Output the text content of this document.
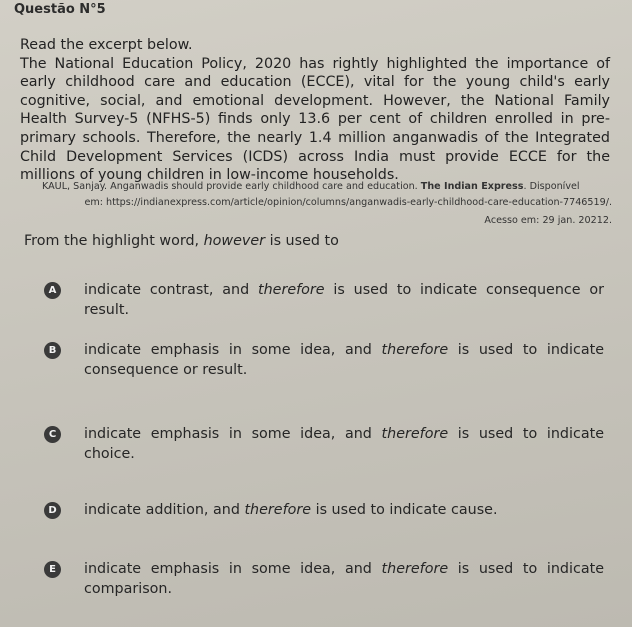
Questão N°5

Read the excerpt below.

The National Education Policy, 2020 has rightly highlighted the importance of early childhood care and education (ECCE), vital for the young child's early cognitive, social, and emotional development. However, the National Family Health Survey-5 (NFHS-5) finds only 13.6 per cent of children enrolled in pre-primary schools. Therefore, the nearly 1.4 million anganwadis of the Integrated Child Development Services (ICDS) across India must provide ECCE for the millions of young children in low-income households.

KAUL, Sanjay. Anganwadis should provide early childhood care and education. The Indian Express. Disponível
em: https://indianexpress.com/article/opinion/columns/anganwadis-early-childhood-care-education-7746519/.
Acesso em: 29 jan. 20212.
From the highlight word, however is used to
A	indicate contrast, and therefore is used to indicate consequence or result.
B	indicate emphasis in some idea, and therefore is used to indicate consequence or result.
C	indicate emphasis in some idea, and therefore is used to indicate choice.
D	indicate addition, and therefore is used to indicate cause.
E	indicate emphasis in some idea, and therefore is used to indicate comparison.
